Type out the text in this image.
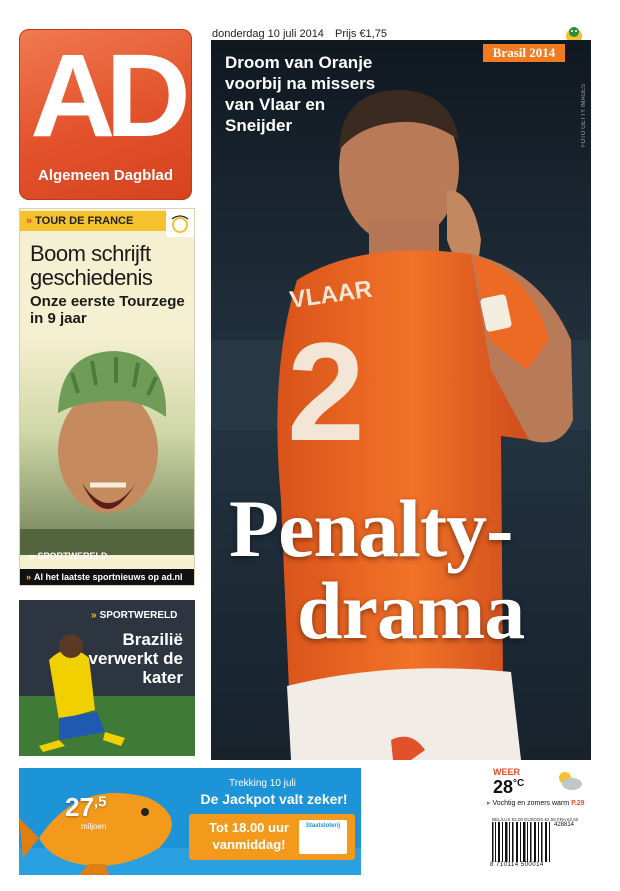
AD
Algemeen Dagblad
donderdag 10 juli 2014 Prijs €1,75
» TOUR DE FRANCE
Boom schrijft geschiedenis
Onze eerste Tourzege in 9 jaar
» SPORTWERELD
» Al het laatste sportnieuws op ad.nl
» SPORTWERELD
Brazilië verwerkt de kater
VLAAR
2
Droom van Oranje voorbij na missers van Vlaar en Sneijder
Brasil 2014
FOTO GETTY IMAGES
Penalty-
drama
$27^{,5}$
miljoen
Trekking 10 juli
De Jackpot valt zeker!
Tot 18.00 uur
vanmiddag!
Staatsloterij
WEER
$28^{^\circ C}$
▸ Vochtig en zomers warm P.29
BEL/LUX €2,00 DUI/OOS €2,55 FRA €2,60
428814
8 710114 500014
